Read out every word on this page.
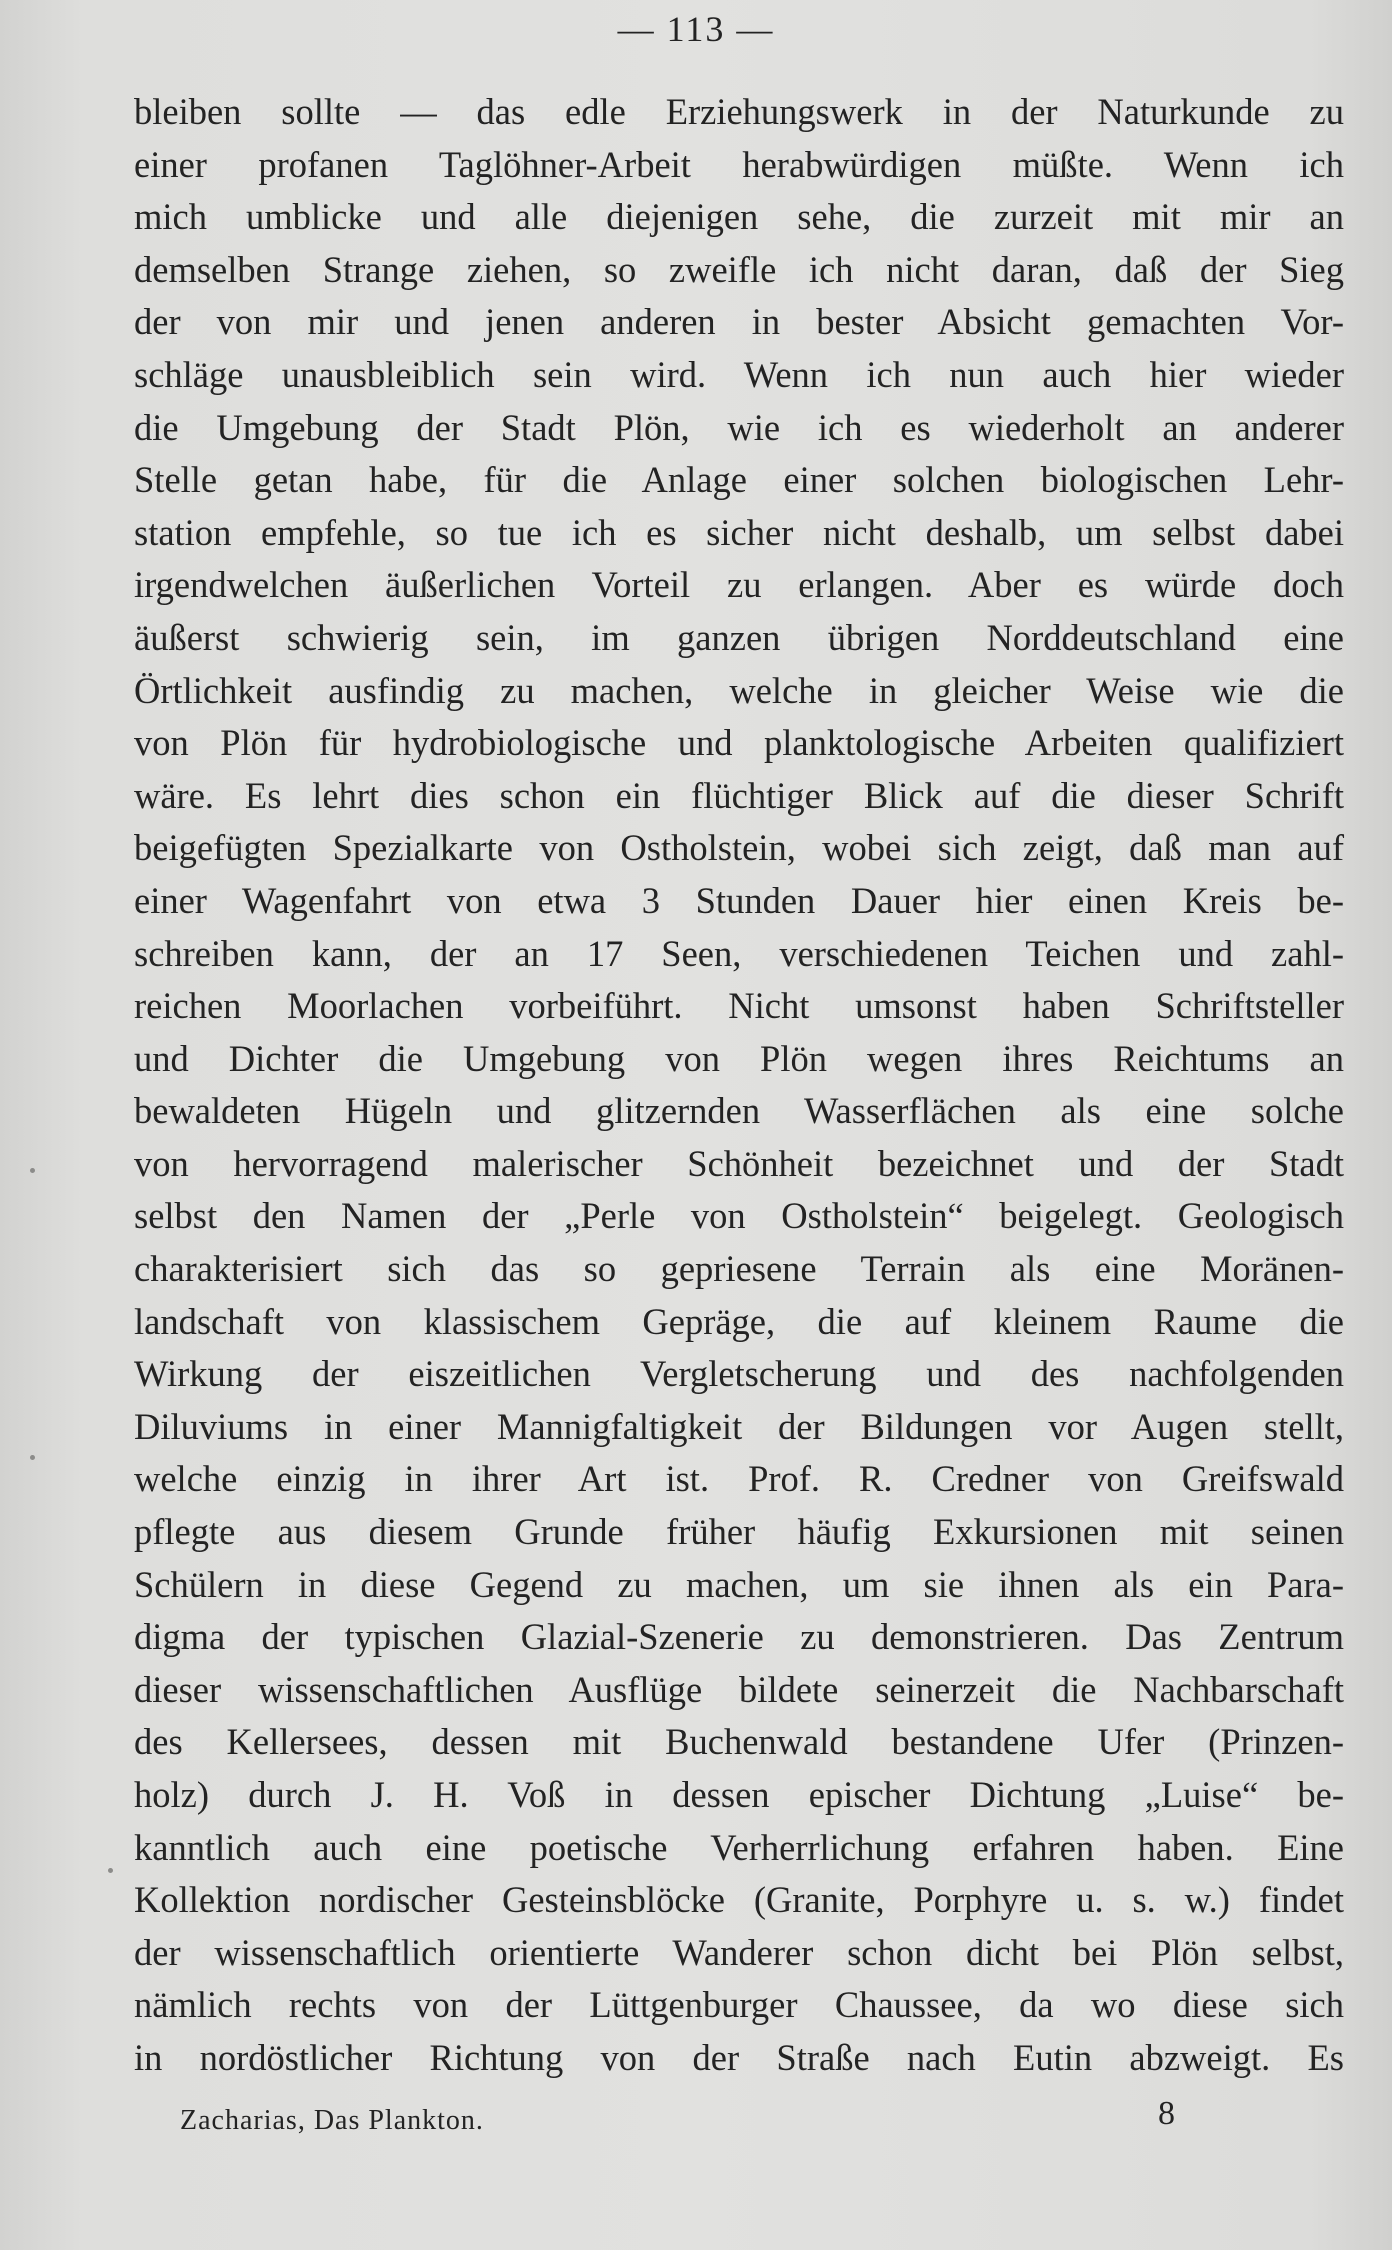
— 113 —
bleiben sollte — das edle Erziehungswerk in der Naturkunde zu
einer profanen Taglöhner-Arbeit herabwürdigen müßte. Wenn ich
mich umblicke und alle diejenigen sehe, die zurzeit mit mir an
demselben Strange ziehen, so zweifle ich nicht daran, daß der Sieg
der von mir und jenen anderen in bester Absicht gemachten Vor-
schläge unausbleiblich sein wird. Wenn ich nun auch hier wieder
die Umgebung der Stadt Plön, wie ich es wiederholt an anderer
Stelle getan habe, für die Anlage einer solchen biologischen Lehr-
station empfehle, so tue ich es sicher nicht deshalb, um selbst dabei
irgendwelchen äußerlichen Vorteil zu erlangen. Aber es würde doch
äußerst schwierig sein, im ganzen übrigen Norddeutschland eine
Örtlichkeit ausfindig zu machen, welche in gleicher Weise wie die
von Plön für hydrobiologische und planktologische Arbeiten qualifiziert
wäre. Es lehrt dies schon ein flüchtiger Blick auf die dieser Schrift
beigefügten Spezialkarte von Ostholstein, wobei sich zeigt, daß man auf
einer Wagenfahrt von etwa 3 Stunden Dauer hier einen Kreis be-
schreiben kann, der an 17 Seen, verschiedenen Teichen und zahl-
reichen Moorlachen vorbeiführt. Nicht umsonst haben Schriftsteller
und Dichter die Umgebung von Plön wegen ihres Reichtums an
bewaldeten Hügeln und glitzernden Wasserflächen als eine solche
von hervorragend malerischer Schönheit bezeichnet und der Stadt
selbst den Namen der „Perle von Ostholstein“ beigelegt. Geologisch
charakterisiert sich das so gepriesene Terrain als eine Moränen-
landschaft von klassischem Gepräge, die auf kleinem Raume die
Wirkung der eiszeitlichen Vergletscherung und des nachfolgenden
Diluviums in einer Mannigfaltigkeit der Bildungen vor Augen stellt,
welche einzig in ihrer Art ist. Prof. R. Credner von Greifswald
pflegte aus diesem Grunde früher häufig Exkursionen mit seinen
Schülern in diese Gegend zu machen, um sie ihnen als ein Para-
digma der typischen Glazial-Szenerie zu demonstrieren. Das Zentrum
dieser wissenschaftlichen Ausflüge bildete seinerzeit die Nachbarschaft
des Kellersees, dessen mit Buchenwald bestandene Ufer (Prinzen-
holz) durch J. H. Voß in dessen epischer Dichtung „Luise“ be-
kanntlich auch eine poetische Verherrlichung erfahren haben. Eine
Kollektion nordischer Gesteinsblöcke (Granite, Porphyre u. s. w.) findet
der wissenschaftlich orientierte Wanderer schon dicht bei Plön selbst,
nämlich rechts von der Lüttgenburger Chaussee, da wo diese sich
in nordöstlicher Richtung von der Straße nach Eutin abzweigt. Es
Zacharias, Das Plankton.	8
